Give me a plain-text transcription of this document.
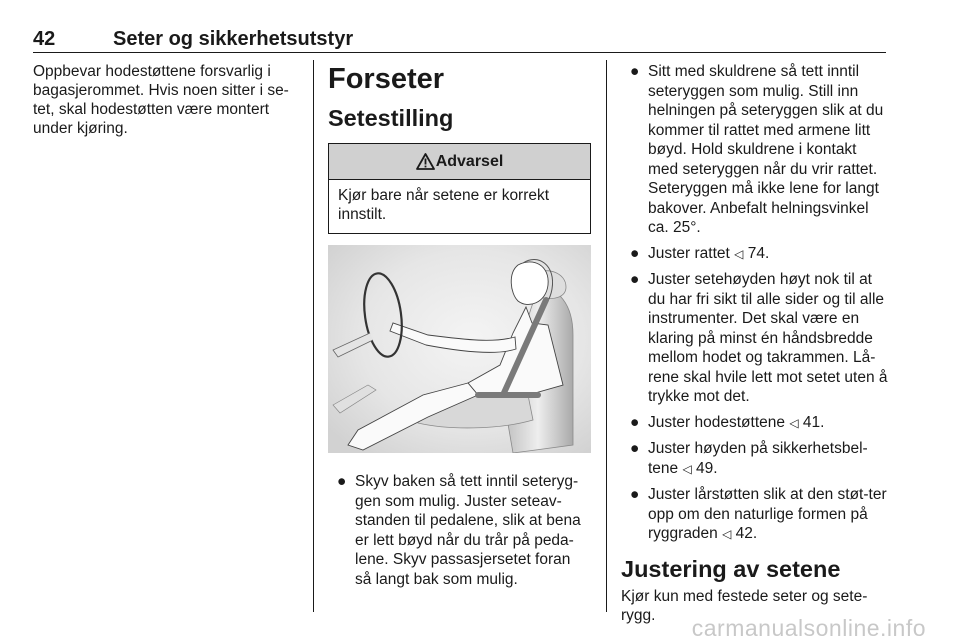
42	Seter og sikkerhetsutstyr
Oppbevar hodestøttene forsvarlig i bagasjerommet. Hvis noen sitter i se-tet, skal hodestøtten være montert under kjøring.
Forseter
Setestilling
Advarsel
Kjør bare når setene er korrekt innstilt.
● Skyv baken så tett inntil seteryg-gen som mulig. Juster seteav-standen til pedalene, slik at bena er lett bøyd når du trår på peda-lene. Skyv passasjersetet foran så langt bak som mulig.
● Sitt med skuldrene så tett inntil seteryggen som mulig. Still inn helningen på seteryggen slik at du kommer til rattet med armene litt bøyd. Hold skuldrene i kontakt med seteryggen når du vrir rattet. Seteryggen må ikke lene for langt bakover. Anbefalt helningsvinkel ca. 25°.
● Juster rattet ◁ 74.
● Juster setehøyden høyt nok til at du har fri sikt til alle sider og til alle instrumenter. Det skal være en klaring på minst én håndsbredde mellom hodet og takrammen. Lå-rene skal hvile lett mot setet uten å trykke mot det.
● Juster hodestøttene ◁ 41.
● Juster høyden på sikkerhetsbel-tene ◁ 49.
● Juster lårstøtten slik at den støt-ter opp om den naturlige formen på ryggraden ◁ 42.
Justering av setene
Kjør kun med festede seter og sete-rygg.	carmanualsonline.info
